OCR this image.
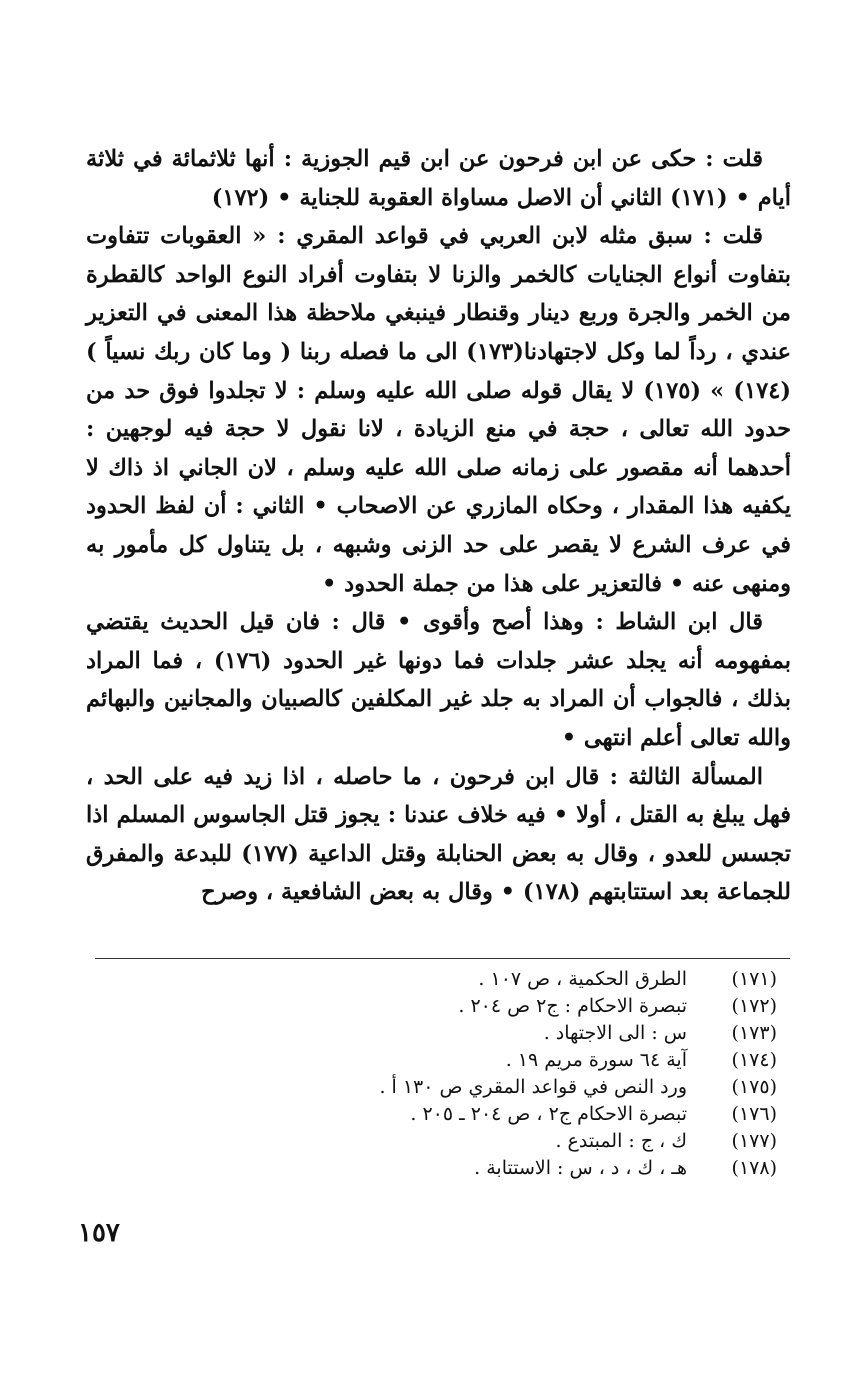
قلت : حكى عن ابن فرحون عن ابن قيم الجوزية : أنها ثلاثمائة في ثلاثة أيام • (١٧١) الثاني أن الاصل مساواة العقوبة للجناية • (١٧٢)

قلت : سبق مثله لابن العربي في قواعد المقري : « العقوبات تتفاوت بتفاوت أنواع الجنايات كالخمر والزنا لا بتفاوت أفراد النوع الواحد كالقطرة من الخمر والجرة وربع دينار وقنطار فينبغي ملاحظة هذا المعنى في التعزير عندي ، رداً لما وكل لاجتهادنا(١٧٣) الى ما فصله ربنا ( وما كان ربك نسياً )(١٧٤) » (١٧٥) لا يقال قوله صلى الله عليه وسلم : لا تجلدوا فوق حد من حدود الله تعالى ، حجة في منع الزيادة ، لانا نقول لا حجة فيه لوجهين : أحدهما أنه مقصور على زمانه صلى الله عليه وسلم ، لان الجاني اذ ذاك لا يكفيه هذا المقدار ، وحكاه المازري عن الاصحاب • الثاني : أن لفظ الحدود في عرف الشرع لا يقصر على حد الزنى وشبهه ، بل يتناول كل مأمور به ومنهى عنه • فالتعزير على هذا من جملة الحدود •

قال ابن الشاط : وهذا أصح وأقوى • قال : فان قيل الحديث يقتضي بمفهومه أنه يجلد عشر جلدات فما دونها غير الحدود (١٧٦) ، فما المراد بذلك ، فالجواب أن المراد به جلد غير المكلفين كالصبيان والمجانين والبهائم والله تعالى أعلم انتهى •

المسألة الثالثة : قال ابن فرحون ، ما حاصله ، اذا زيد فيه على الحد ، فهل يبلغ به القتل ، أولا • فيه خلاف عندنا : يجوز قتل الجاسوس المسلم اذا تجسس للعدو ، وقال به بعض الحنابلة وقتل الداعية (١٧٧) للبدعة والمفرق للجماعة بعد استتابتهم (١٧٨) • وقال به بعض الشافعية ، وصرح

(١٧١)
الطرق الحكمية ، ص ١٠٧ .
(١٧٢)
تبصرة الاحكام : ج٢ ص ٢٠٤ .
(١٧٣)
س : الى الاجتهاد .
(١٧٤)
آية ٦٤ سورة مريم ١٩ .
(١٧٥)
ورد النص في قواعد المقري ص ١٣٠ أ .
(١٧٦)
تبصرة الاحكام ج٢ ، ص ٢٠٤ ـ ٢٠٥ .
(١٧٧)
ك ، ج : المبتدع .
(١٧٨)
هـ ، ك ، د ، س : الاستتابة .
١٥٧
